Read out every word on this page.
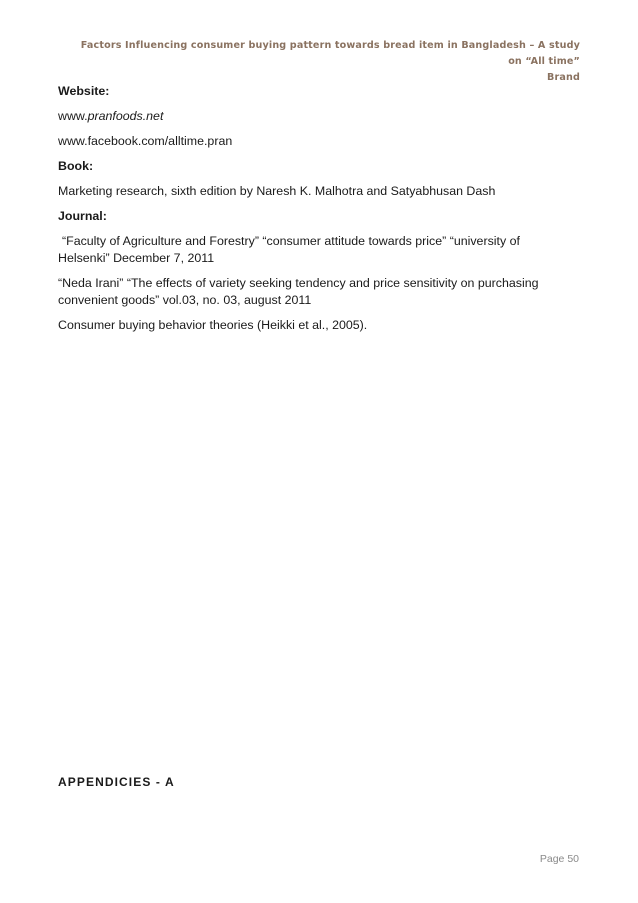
Factors Influencing consumer buying pattern towards bread item in Bangladesh – A study on “All time”
Brand

Website:

www.pranfoods.net

www.facebook.com/alltime.pran

Book:

Marketing research, sixth edition by Naresh K. Malhotra and Satyabhusan Dash

Journal:

“Faculty of Agriculture and Forestry” “consumer attitude towards price” “university of
Helsenki” December 7, 2011

“Neda Irani” “The effects of variety seeking tendency and price sensitivity on purchasing
convenient goods” vol.03, no. 03, august 2011

Consumer buying behavior theories (Heikki et al., 2005).

APPENDICIES - A

Page 50
